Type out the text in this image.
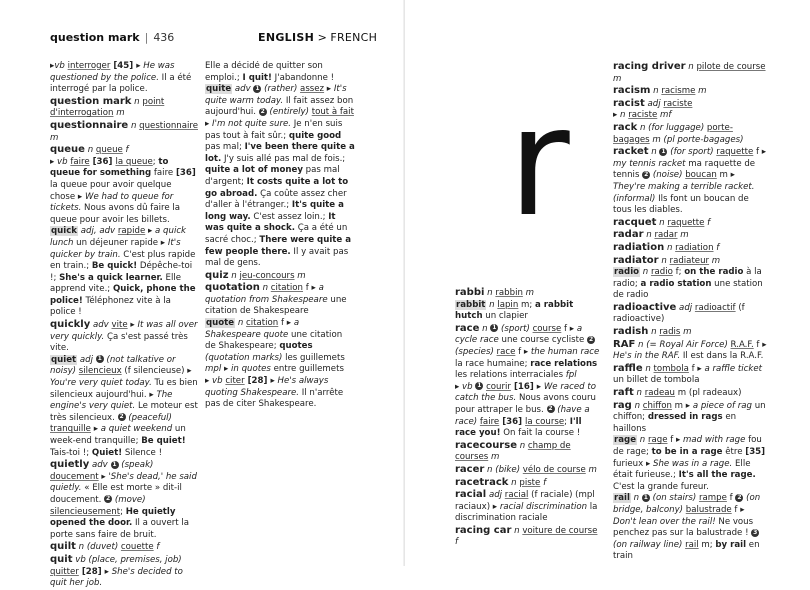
question mark | 436

▸vb interroger [45] ▸ He was questioned by the police. Il a été interrogé par la police.

question mark n point d'interrogation m

questionnaire n questionnaire m

queue n queue f

▸ vb faire [36] la queue; to queue for something faire [36] la queue pour avoir quelque chose ▸ We had to queue for tickets. Nous avons dû faire la queue pour avoir les billets.

quick adj, adv rapide ▸ a quick lunch un déjeuner rapide ▸ It's quicker by train. C'est plus rapide en train.; Be quick! Dépêche-toi !; She's a quick learner. Elle apprend vite.; Quick, phone the police! Téléphonez vite à la police !

quickly adv vite ▸ It was all over very quickly. Ça s'est passé très vite.

quiet adj 1 (not talkative or noisy) silencieux (f silencieuse) ▸ You're very quiet today. Tu es bien silencieux aujourd'hui. ▸ The engine's very quiet. Le moteur est très silencieux. 2 (peaceful) tranquille ▸ a quiet weekend un week-end tranquille; Be quiet! Tais-toi !; Quiet! Silence !

quietly adv 1 (speak) doucement ▸ 'She's dead,' he said quietly. « Elle est morte » dit-il doucement. 2 (move) silencieusement; He quietly opened the door. Il a ouvert la porte sans faire de bruit.

quilt n (duvet) couette f

quit vb (place, premises, job) quitter [28] ▸ She's decided to quit her job.

Elle a décidé de quitter son emploi.; I quit! J'abandonne !

quite adv 1 (rather) assez ▸ It's quite warm today. Il fait assez bon aujourd'hui. 2 (entirely) tout à fait ▸ I'm not quite sure. Je n'en suis pas tout à fait sûr.; quite good pas mal; I've been there quite a lot. J'y suis allé pas mal de fois.; quite a lot of money pas mal d'argent; It costs quite a lot to go abroad. Ça coûte assez cher d'aller à l'étranger.; It's quite a long way. C'est assez loin.; It was quite a shock. Ça a été un sacré choc.; There were quite a few people there. Il y avait pas mal de gens.

quiz n jeu-concours m

quotation n citation f ▸ a quotation from Shakespeare une citation de Shakespeare

quote n citation f ▸ a Shakespeare quote une citation de Shakespeare; quotes (quotation marks) les guillemets mpl ▸ in quotes entre guillemets

▸ vb citer [28] ▸ He's always quoting Shakespeare. Il n'arrête pas de citer Shakespeare.

ENGLISH > FRENCH
r

rabbi n rabbin m

rabbit n lapin m; a rabbit hutch un clapier

race n 1 (sport) course f ▸ a cycle race une course cycliste 2 (species) race f ▸ the human race la race humaine; race relations les relations interraciales fpl

▸ vb 1 courir [16] ▸ We raced to catch the bus. Nous avons couru pour attraper le bus. 2 (have a race) faire [36] la course; I'll race you! On fait la course !

racecourse n champ de courses m

racer n (bike) vélo de course m

racetrack n piste f

racial adj racial (f raciale) (mpl raciaux) ▸ racial discrimination la discrimination raciale

racing car n voiture de course f

racing driver n pilote de course m

racism n racisme m

racist adj raciste

▸ n raciste mf

rack n (for luggage) porte-bagages m (pl porte-bagages)

racket n 1 (for sport) raquette f ▸ my tennis racket ma raquette de tennis 2 (noise) boucan m ▸ They're making a terrible racket. (informal) Ils font un boucan de tous les diables.

racquet n raquette f

radar n radar m

radiation n radiation f

radiator n radiateur m

radio n radio f; on the radio à la radio; a radio station une station de radio

radioactive adj radioactif (f radioactive)

radish n radis m

RAF n (= Royal Air Force) R.A.F. f ▸ He's in the RAF. Il est dans la R.A.F.

raffle n tombola f ▸ a raffle ticket un billet de tombola

raft n radeau m (pl radeaux)

rag n chiffon m ▸ a piece of rag un chiffon; dressed in rags en haillons

rage n rage f ▸ mad with rage fou de rage; to be in a rage être [35] furieux ▸ She was in a rage. Elle était furieuse.; It's all the rage. C'est la grande fureur.

rail n 1 (on stairs) rampe f 2 (on bridge, balcony) balustrade f ▸ Don't lean over the rail! Ne vous penchez pas sur la balustrade ! 3 (on railway line) rail m; by rail en train
